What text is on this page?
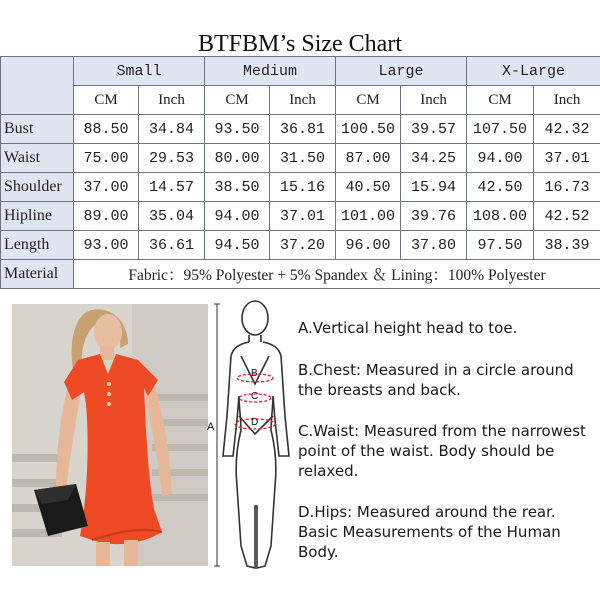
BTFBM’s Size Chart
	Small		Medium		Large		X-Large	
	CM	Inch	CM	Inch	CM	Inch	CM	Inch
Bust	88.50	34.84	93.50	36.81	100.50	39.57	107.50	42.32
Waist	75.00	29.53	80.00	31.50	87.00	34.25	94.00	37.01
Shoulder	37.00	14.57	38.50	15.16	40.50	15.94	42.50	16.73
Hipline	89.00	35.04	94.00	37.01	101.00	39.76	108.00	42.52
Length	93.00	36.61	94.50	37.20	96.00	37.80	97.50	38.39
Material	Fabric：95% Polyester + 5% Spandex ＆ Lining：100% Polyester							
A
B
C
D
A.Vertical height head to toe.
B.Chest: Measured in a circle around the breasts and back.
C.Waist: Measured from the narrowest point of the waist. Body should be relaxed.
D.Hips: Measured around the rear. Basic Measurements of the Human Body.
